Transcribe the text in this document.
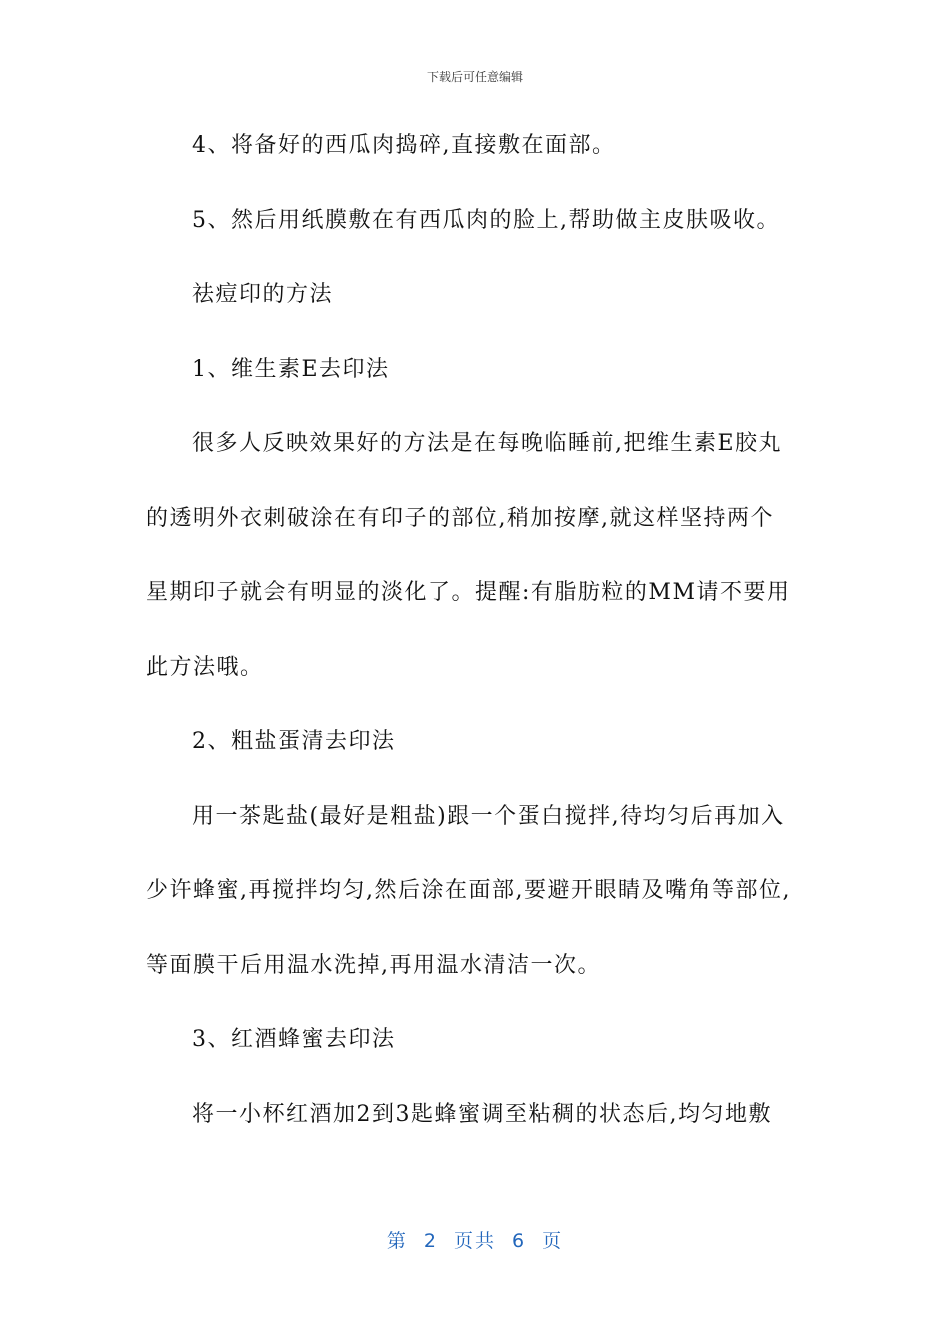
下载后可任意编辑
4、将备好的西瓜肉捣碎,直接敷在面部。
5、然后用纸膜敷在有西瓜肉的脸上,帮助做主皮肤吸收。
祛痘印的方法
1、维生素E去印法
很多人反映效果好的方法是在每晚临睡前,把维生素E胶丸
的透明外衣刺破涂在有印子的部位,稍加按摩,就这样坚持两个
星期印子就会有明显的淡化了。提醒:有脂肪粒的MM请不要用
此方法哦。
2、粗盐蛋清去印法
用一茶匙盐(最好是粗盐)跟一个蛋白搅拌,待均匀后再加入
少许蜂蜜,再搅拌均匀,然后涂在面部,要避开眼睛及嘴角等部位,
等面膜干后用温水洗掉,再用温水清洁一次。
3、红酒蜂蜜去印法
将一小杯红酒加2到3匙蜂蜜调至粘稠的状态后,均匀地敷
第 2 页共 6 页
